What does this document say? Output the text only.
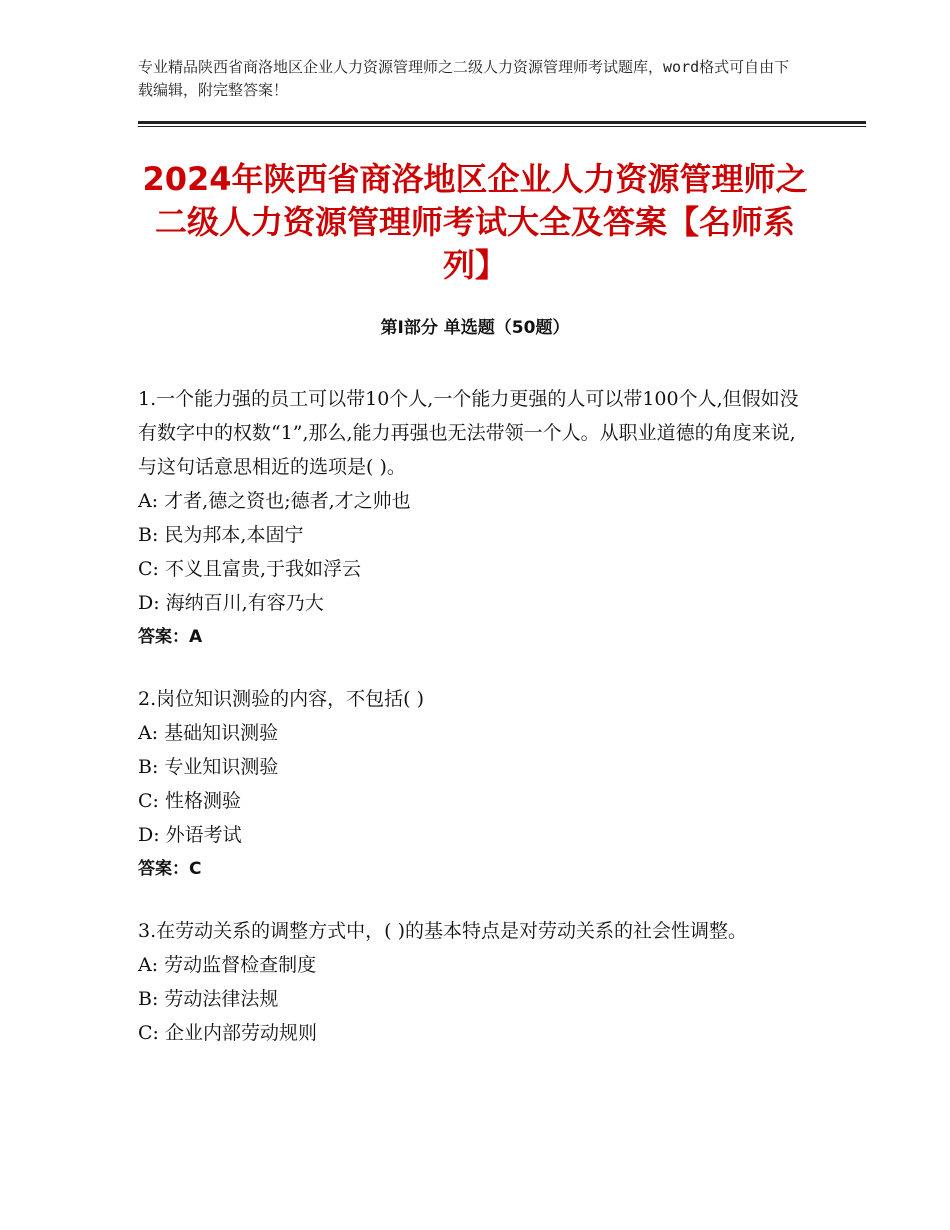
专业精品陕西省商洛地区企业人力资源管理师之二级人力资源管理师考试题库，word格式可自由下载编辑，附完整答案！
2024年陕西省商洛地区企业人力资源管理师之二级人力资源管理师考试大全及答案【名师系列】
第Ⅰ部分 单选题（50题）
1.一个能力强的员工可以带10个人,一个能力更强的人可以带100个人,但假如没有数字中的权数“1”,那么,能力再强也无法带领一个人。从职业道德的角度来说,与这句话意思相近的选项是( )。
A: 才者,德之资也;德者,才之帅也
B: 民为邦本,本固宁
C: 不义且富贵,于我如浮云
D: 海纳百川,有容乃大
答案：A
2.岗位知识测验的内容，不包括( )
A: 基础知识测验
B: 专业知识测验
C: 性格测验
D: 外语考试
答案：C
3.在劳动关系的调整方式中，( )的基本特点是对劳动关系的社会性调整。
A: 劳动监督检查制度
B: 劳动法律法规
C: 企业内部劳动规则
